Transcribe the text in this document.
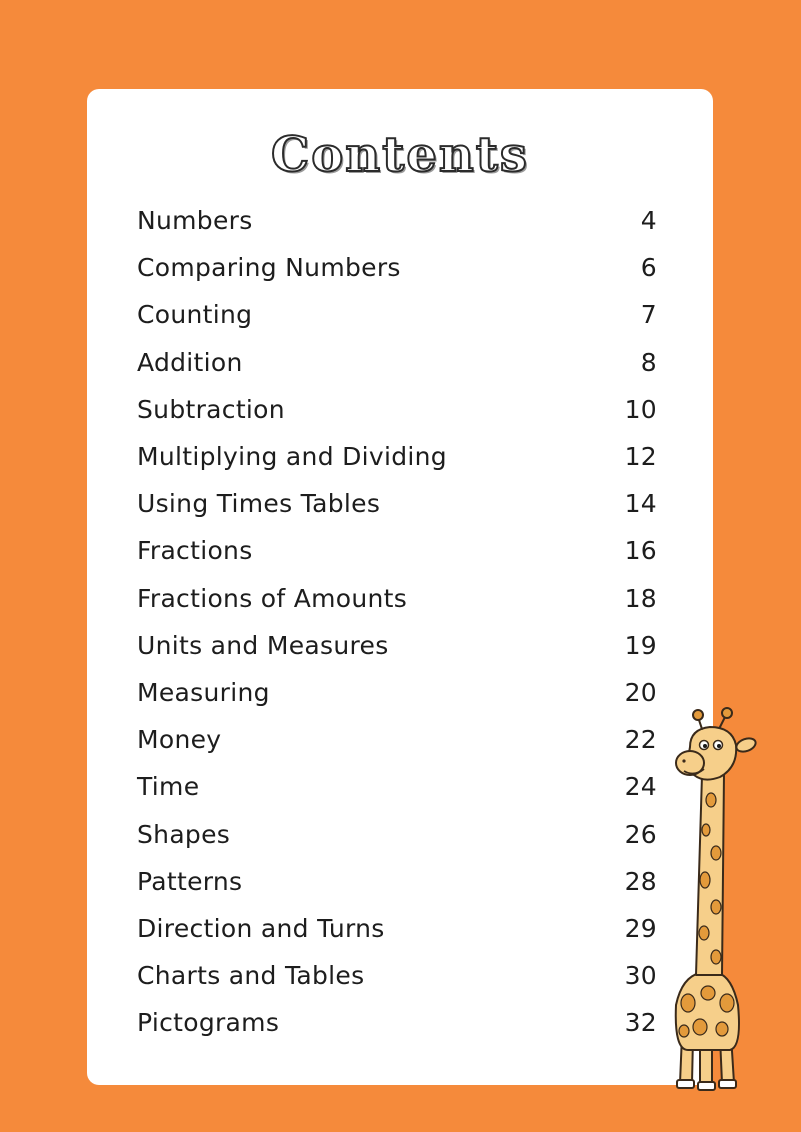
Contents
Numbers	4
Comparing Numbers	6
Counting	7
Addition	8
Subtraction	10
Multiplying and Dividing	12
Using Times Tables	14
Fractions	16
Fractions of Amounts	18
Units and Measures	19
Measuring	20
Money	22
Time	24
Shapes	26
Patterns	28
Direction and Turns	29
Charts and Tables	30
Pictograms	32
